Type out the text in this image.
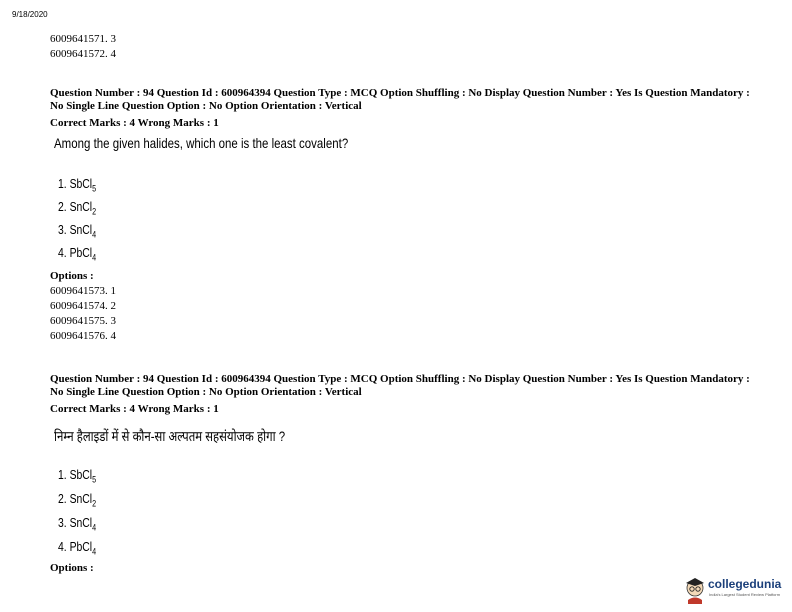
9/18/2020
6009641571. 3
6009641572. 4
Question Number : 94 Question Id : 600964394 Question Type : MCQ Option Shuffling : No Display Question Number : Yes Is Question Mandatory : No Single Line Question Option : No Option Orientation : Vertical
Correct Marks : 4 Wrong Marks : 1
Among the given halides, which one is the least covalent?
1. SbCl$_5$
2. SnCl$_2$
3. SnCl$_4$
4. PbCl$_4$
Options :
6009641573. 1
6009641574. 2
6009641575. 3
6009641576. 4
Question Number : 94 Question Id : 600964394 Question Type : MCQ Option Shuffling : No Display Question Number : Yes Is Question Mandatory : No Single Line Question Option : No Option Orientation : Vertical
Correct Marks : 4 Wrong Marks : 1
निम्न हैलाइडों में से कौन-सा अल्पतम सहसंयोजक होगा ?
1. SbCl$_5$
2. SnCl$_2$
3. SnCl$_4$
4. PbCl$_4$
Options :
collegedunia
India's Largest Student Review Platform
